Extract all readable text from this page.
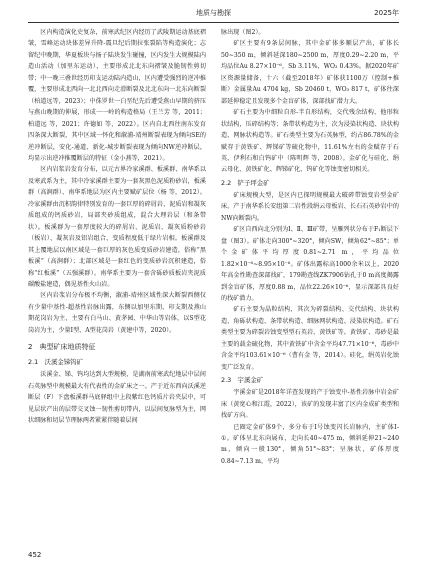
地质与勘探	2025年

区内构造演化史复杂，前寒武纪区内经历了武陵期运动基底褶皱，雪峰运动块体差异升降-震旦纪后期拉张裂陷等构造演化；志留纪中晚期，华夏板块与扬子陆块发生碰撞，区内发生大规模陆内造山活动（加里东运动），主要形成北北东向褶皱及脆韧性剪切带；中一晚三叠世经历印支运动陆内造山，区内遭受强烈的逆冲推覆，主要形成北西向一北北西向走滑断裂及北北东向一北东向断裂（柏道远等，2023）；中侏罗世一白垩纪先后遭受燕山早期的挤压与燕山晚期的伸展，形成一一岭的构造格局（王兰芳 等，2011；柏道远 等，2021；许德如 等，2022）。区内自北西往南东发育四条深大断裂，其中区域一怀化和溆浦-靖州断裂表现为倾向SE的逆冲断层，安化-通道、新化-城步断裂表现为倾向NW逆冲断层，均显示出逆冲推覆断层的特征（金小燕等，2021）。

区内岩浆岩发育分布，以元古界冷家溪群、板溪群、南华系以及寒武系为主，其中冷家溪群主要为一套灰黑色泥质粉砂岩，板溪群（高涧群）、南华系地层为区内主要赋矿层位（杨 等，2012）。冷家溪群由沉积韵律特别发育的一套巨厚的碎屑岩、泥质岩和凝灰质组成的钙质砂岩，局部夹砂质组成，混合大理岩层（和条带状）。板溪群为一套厚度较大的碎屑岩、泥质岩、凝灰质粉砂岩（板岩）、凝灰岩及铝岩组合，变质程度低于绿片岩相。板溪群及其上覆地层以南区域是一套巨厚的灰色质变质砂岩建造，俗称“黑板溪”（高涧群）；北部区域是一套红色的变质砂岩沉积建造，俗称“红板溪”（五强溪群）。南华系主要为一套含砾砂质板岩夹泥质碳酸盐建造，偶见基性火山岩。

区内岩浆岩分布极不均衡，溆浦-靖州区域性深大断裂西侧仅有少量中基性-超基性岩脉出露，东侧以加里东期、印支期及燕山期花岗岩为主，主要有白马山、黄茅园、中华山等岩体，以S型花岗岩为主，少量I型、A型花岗岩（黄建中等，2020）。

2　典型矿床地质特征
2.1　沃溪金锑钨矿

沃溪金、锑、钨均达到大型规模，是湖南前寒武纪地层中层间石英脉型中规模最大有代表性的金矿床之一。产于近东西向沃溪逆断层（F）下盘板溪群马底驿组中上段紫红色钙质片岩夹层中，可见层状产出的层带交叉蚀一韧性剪切带内，以层间复脉型为主，网状细脉和切层节理脉两者紧紧伴随着层间

脉出现（图2）。

矿区主要有9条层间脉，其中金矿体多顺层产出，矿体长50~350 m，倾斜延深180~2500 m，厚度0.29~2.20 m，平均品位Au 8.27×10⁻⁶，Sb 3.11%，WO₃ 0.43%。据2020年矿区资源量储备，十六（截至2018年）矿体获1100万（控制+推断）金属量Au 4704 kg，Sb 20460 t，WO₃ 817 t，矿体往深部延伸稳定且发现多个金盲矿体，深部找矿潜力大。

矿石主要为中细粒自形-半自形结构，交代残余结构、他形粒状结构，压碎结构等；条带状构造为主，次为浸染状构造、块状构造、网脉状构造等。矿石类型主要为石英脉型，约占86.78%的金赋存于黄铁矿、辉锑矿等硫化物中，11.61%左右的金赋存于石英、伊利石和白钨矿中（陈明辉 等，2008）。金矿化与硅化、绢云母化、黄铁矿化、辉锑矿化、钨矿化等蚀变密切相关。

2.2　铲子坪金矿

矿床规模大型，是区内已探明规模最大破碎带蚀变岩型金矿床。产于南华系长安组第二岩性段绢云母板岩、长石石英砂岩中的NW向断裂内。

矿区自西向北分别为Ⅰ、Ⅱ、Ⅲ矿带，呈雁列状分布于F₁断层下盘（图3）。矿体走向300°~320°，倾向SW，倾角62°~85°；单个金矿体平均厚度0.81~2.71 m，平均品位1.82×10⁻⁶~8.95×10⁻⁶。矿体出露标高1000余米以上，2020年高金性勘查深部找矿，179勘查线ZK7906钻孔于0 m高度揭露到金盲矿体，厚度0.88 m，品位22.26×10⁻⁶，显示深部具良好的找矿潜力。

矿石主要为晶粒结构，其次为碎裂结构、交代结构、块状构造、角砾状构造、条带状构造、细脉网状构造、浸染状构造。矿石类型主要为碎裂岩蚀变型型石英岩、黄铁矿等。黄铁矿、毒砂是最主要的载金硫化物，其中黄铁矿中含金平均47.71×10⁻⁶，毒砂中含金平均103.61×10⁻⁶（曹有金 等，2014）。硅化，绢英岩化蚀变广泛发育。

2.3　宇溪金矿

宇溪金矿是2018年详查发现的产于蚀变中-基性岩脉中岩金矿床（黄宽心和江霞，2022），该矿的发现丰富了区内金成矿类型和找矿方向。

已圈定金矿体9个，多分布于Ⅰ号蚀变闪长岩脉内，主矿体Ⅰ-①。矿体呈北东向展布，走向长40~475 m，倾斜延伸21~240 m，倾向一般130°，倾角51°~83°；呈脉状，矿体厚度0.84~7.13 m，平均

452
